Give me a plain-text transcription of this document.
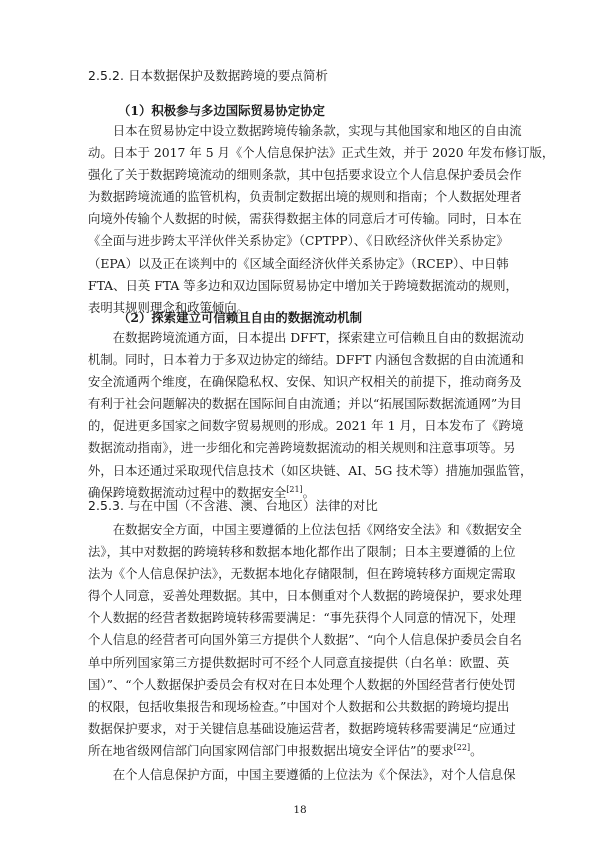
2.5.2. 日本数据保护及数据跨境的要点简析
（1）积极参与多边国际贸易协定协定
日本在贸易协定中设立数据跨境传输条款，实现与其他国家和地区的自由流
动。日本于 2017 年 5 月《个人信息保护法》正式生效，并于 2020 年发布修订版，
强化了关于数据跨境流动的细则条款，其中包括要求设立个人信息保护委员会作
为数据跨境流通的监管机构，负责制定数据出境的规则和指南；个人数据处理者
向境外传输个人数据的时候，需获得数据主体的同意后才可传输。同时，日本在
《全面与进步跨太平洋伙伴关系协定》（CPTPP）、《日欧经济伙伴关系协定》
（EPA）以及正在谈判中的《区域全面经济伙伴关系协定》（RCEP）、中日韩
FTA、日英 FTA 等多边和双边国际贸易协定中增加关于跨境数据流动的规则，
表明其规则理念和政策倾向。
（2）探索建立可信赖且自由的数据流动机制
在数据跨境流通方面，日本提出 DFFT，探索建立可信赖且自由的数据流动
机制。同时，日本着力于多双边协定的缔结。DFFT 内涵包含数据的自由流通和
安全流通两个维度，在确保隐私权、安保、知识产权相关的前提下，推动商务及
有利于社会问题解决的数据在国际间自由流通；并以“拓展国际数据流通网”为目
的，促进更多国家之间数字贸易规则的形成。2021 年 1 月，日本发布了《跨境
数据流动指南》，进一步细化和完善跨境数据流动的相关规则和注意事项等。另
外，日本还通过采取现代信息技术（如区块链、AI、5G 技术等）措施加强监管，
确保跨境数据流动过程中的数据安全[21]。
2.5.3. 与在中国（不含港、澳、台地区）法律的对比
在数据安全方面，中国主要遵循的上位法包括《网络安全法》和《数据安全
法》，其中对数据的跨境转移和数据本地化都作出了限制；日本主要遵循的上位
法为《个人信息保护法》，无数据本地化存储限制，但在跨境转移方面规定需取
得个人同意，妥善处理数据。其中，日本侧重对个人数据的跨境保护，要求处理
个人数据的经营者数据跨境转移需要满足：“事先获得个人同意的情况下，处理
个人信息的经营者可向国外第三方提供个人数据”、“向个人信息保护委员会自名
单中所列国家第三方提供数据时可不经个人同意直接提供（白名单：欧盟、英
国）”、“个人数据保护委员会有权对在日本处理个人数据的外国经营者行使处罚
的权限，包括收集报告和现场检查。”中国对个人数据和公共数据的跨境均提出
数据保护要求，对于关键信息基础设施运营者，数据跨境转移需要满足“应通过
所在地省级网信部门向国家网信部门申报数据出境安全评估”的要求[22]。
在个人信息保护方面，中国主要遵循的上位法为《个保法》，对个人信息保
18
